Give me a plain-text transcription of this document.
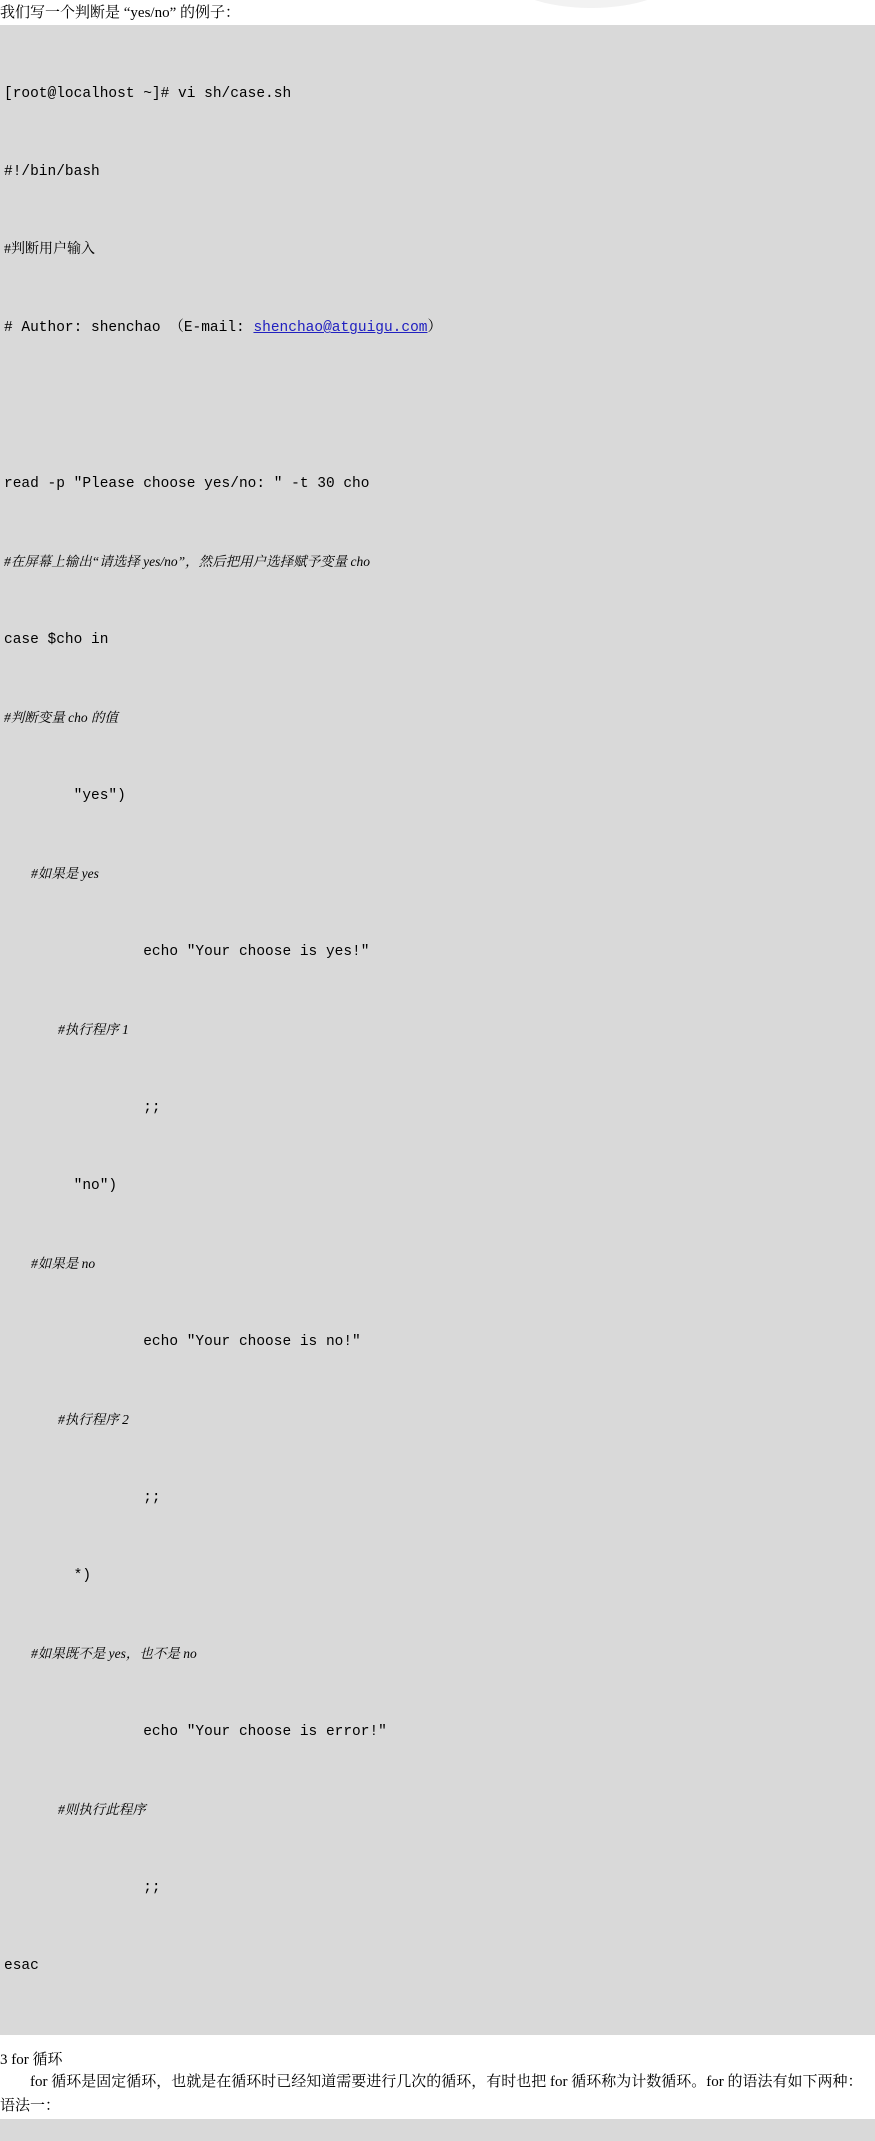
我们写一个判断是 “yes/no” 的例子：

[root@localhost ~]# vi sh/case.sh

#!/bin/bash

#判断用户输入

# Author: shenchao （E-mail: shenchao@atguigu.com）

read -p "Please choose yes/no: " -t 30 cho

#在屏幕上输出“请选择 yes/no”，然后把用户选择赋予变量 cho

case $cho in

#判断变量 cho 的值

"yes")

#如果是 yes

echo "Your choose is yes!"

#执行程序 1

;;

"no")

#如果是 no

echo "Your choose is no!"

#执行程序 2

;;

*)

#如果既不是 yes，也不是 no

echo "Your choose is error!"

#则执行此程序

;;

esac

3 for 循环
for 循环是固定循环，也就是在循环时已经知道需要进行几次的循环，有时也把 for 循环称为计数循环。for 的语法有如下两种：
语法一：
